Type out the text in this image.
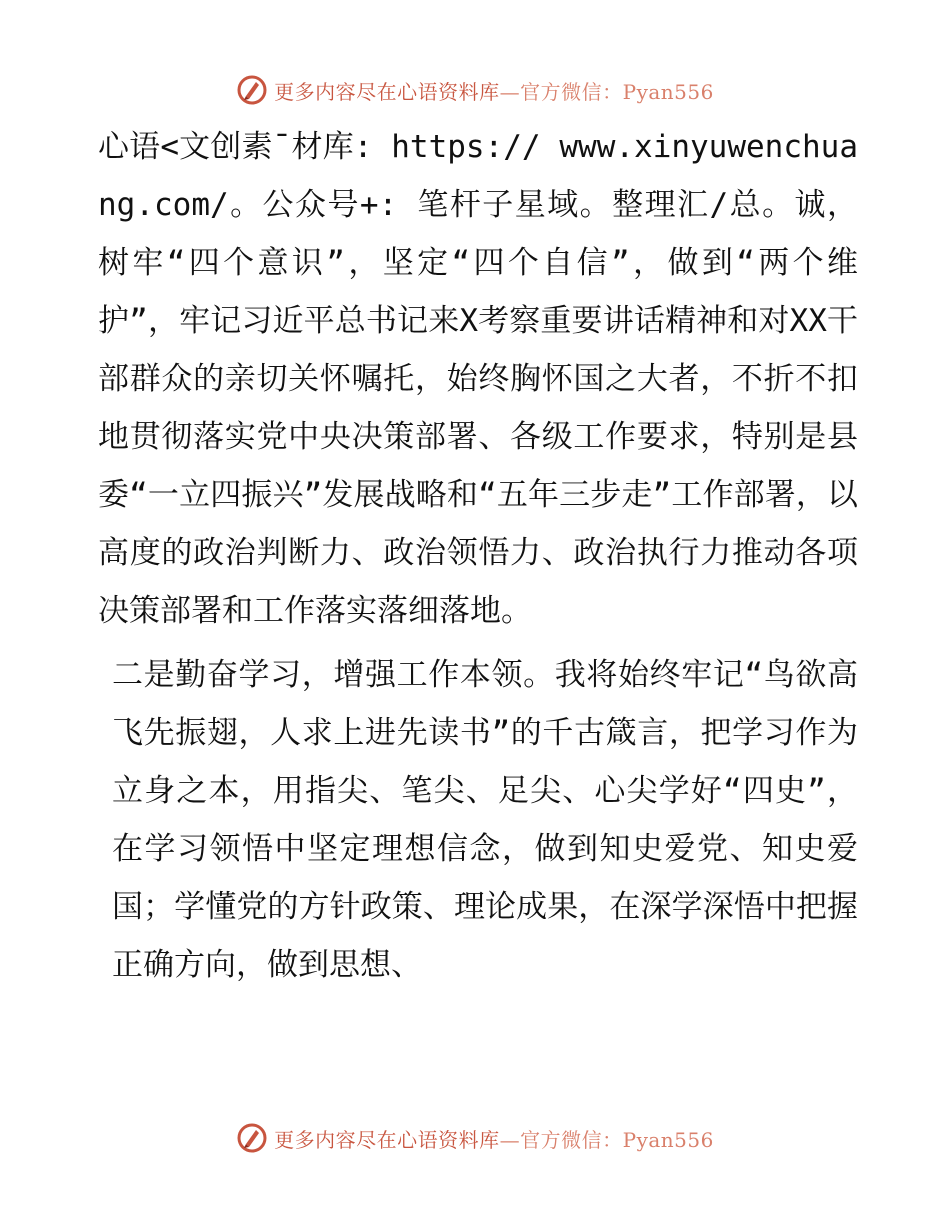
更多内容尽在心语资料库—官方微信：Pyan556

心语<文创素¯材库: https:// www.xinyuwenchuang.com/。公众号+: 笔杆子星域。整理汇/总。诚，树牢“四个意识”，坚定“四个自信”，做到“两个维护”，牢记习近平总书记来X考察重要讲话精神和对XX干部群众的亲切关怀嘱托，始终胸怀国之大者，不折不扣地贯彻落实党中央决策部署、各级工作要求，特别是县委“一立四振兴”发展战略和“五年三步走”工作部署，以高度的政治判断力、政治领悟力、政治执行力推动各项决策部署和工作落实落细落地。

二是勤奋学习，增强工作本领。我将始终牢记“鸟欲高飞先振翅，人求上进先读书”的千古箴言，把学习作为立身之本，用指尖、笔尖、足尖、心尖学好“四史”，在学习领悟中坚定理想信念，做到知史爱党、知史爱国；学懂党的方针政策、理论成果，在深学深悟中把握正确方向，做到思想、

更多内容尽在心语资料库—官方微信：Pyan556
